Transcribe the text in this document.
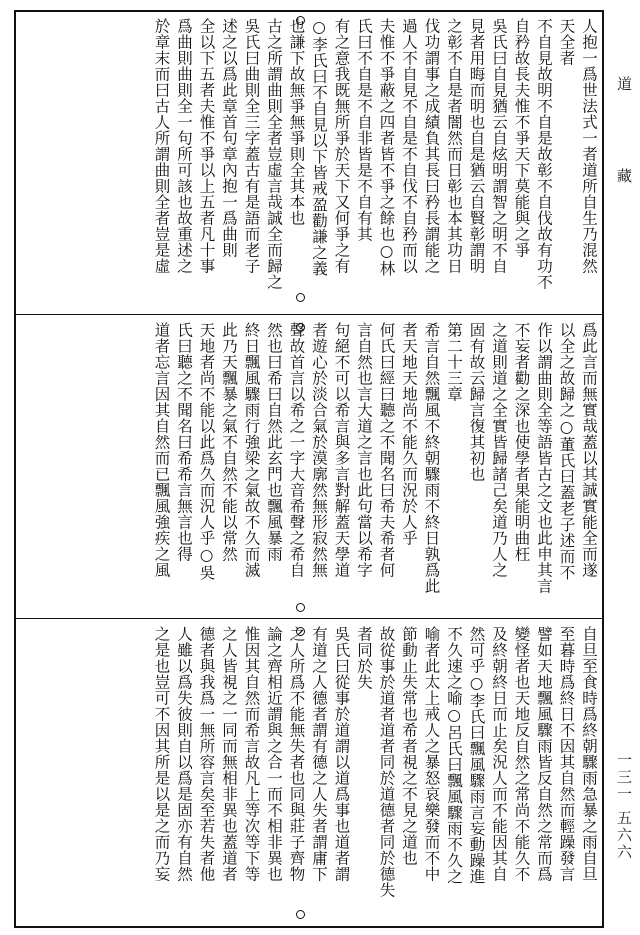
道 藏
一三一 五六六
人抱一爲世法式一者道所自生乃混然
天全者
不自見故明不自是故彰不自伐故有功不
自矜故長夫惟不爭天下莫能與之爭
吳氏曰自見猶云自炫明謂智之明不自
見者用晦而明也自是猶云自賢彰謂明
之彰不自是者闇然而日彰也本其功日
伐功謂事之成績負其長曰矜長謂能之
過人不自見不自是不自伐不自矜而以
夫惟不爭蔽之四者皆不爭之餘也○林
氏曰不自是不自非皆是不自有其
有之意我既無所爭於天下又何爭之有
○李氏曰不自見以下皆戒盈勸謙之義
也謙下故無爭無爭則全其本也
古之所謂曲則全者豈虛言哉誠全而歸之
吳氏曰曲則全三字蓋古有是語而老子
述之以爲此章首句章內抱一爲曲則
全以下五者夫惟不爭以上五者凡十事
爲曲則曲則全一句所可該也故重述之
於章末而曰古人所謂曲則全者豈是虛
爲此言而無實哉蓋以其誠實能全而遂
以全之故歸之○董氏曰蓋老子述而不
作以謂曲則全等語皆古之文也此申其言
不妄者勸之深也使學者果能明曲枉
之道則道之全實皆歸諸己矣道乃人之
固有故云歸言復其初也
第二十三章
希言自然飄風不終朝驟雨不終日孰爲此
者天地天地尚不能久而況於人乎
何氏曰經曰聽之不聞名曰希夫希者何
言自然也言大道之言也此句當以希字
句絕不可以希言與多言對解蓋天學道
者遊心於淡合氣於漠廓然無形寂然無
聲故首言以希之一字大音希聲之希自
然也曰希曰自然此玄門也飄風暴雨
終日飄風驟雨行強梁之氣故不久而滅
此乃天飄暴之氣不自然不能以常然
天地者尚不能以此爲久而況人乎○吳
氏曰聽之不聞名曰希希言無言也得
道者忘言因其自然而已飄風強疾之風
自旦至食時爲終朝驟雨急暴之雨自旦
至暮時爲終日不因其自然而輕躁發言
譬如天地飄風驟雨皆反自然之常而爲
變怪者也天地反自然之常尚不能久不
及終朝終日而止矣況人而不能因其自
然可乎○李氏曰飄風驟雨言妄動躁進
不久速之喻○呂氏曰飄風驟雨不久之
喻者此太上戒人之暴怒哀樂發而不中
節動止失常也希者視之不見之道也
故從事於道者道者同於道德者同於德失
者同於失
吳氏曰從事於道謂以道爲事也道者謂
有道之人德者謂有德之人失者謂庸下
之人所爲不能無失者也同與莊子齊物
論之齊相近謂與之合一而不相非異也
惟因其自然而希言故凡上等次等下等
之人皆視之一同而無相非異也蓋道者
德者與我爲一無所容言矣至若失者他
人雖以爲失彼則自以爲是固亦有自然
之是也豈可不因其所是以是之而乃妄
